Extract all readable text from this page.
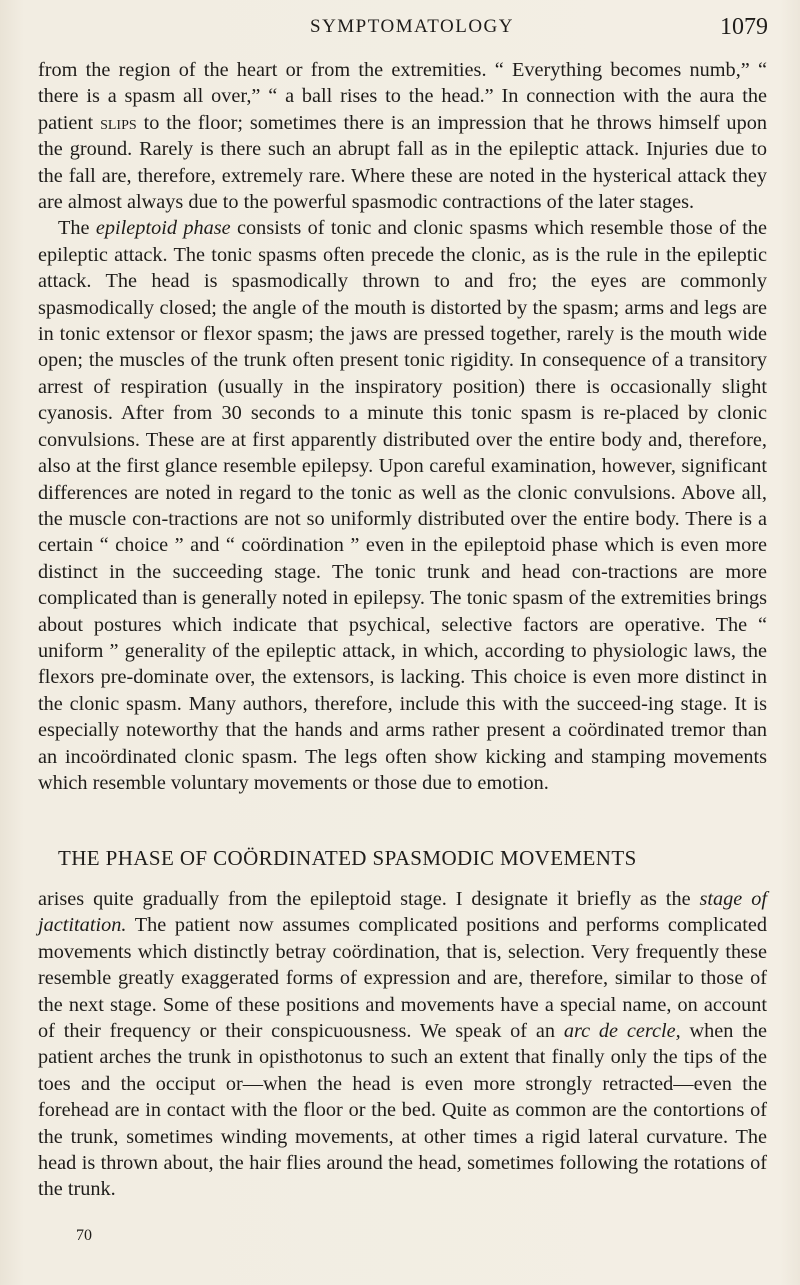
SYMPTOMATOLOGY	1079

from the region of the heart or from the extremities. “ Everything becomes numb,” “ there is a spasm all over,” “ a ball rises to the head.” In connection with the aura the patient slips to the floor; sometimes there is an impression that he throws himself upon the ground. Rarely is there such an abrupt fall as in the epileptic attack. Injuries due to the fall are, therefore, extremely rare. Where these are noted in the hysterical attack they are almost always due to the powerful spasmodic contractions of the later stages.

The epileptoid phase consists of tonic and clonic spasms which resemble those of the epileptic attack. The tonic spasms often precede the clonic, as is the rule in the epileptic attack. The head is spasmodically thrown to and fro; the eyes are commonly spasmodically closed; the angle of the mouth is distorted by the spasm; arms and legs are in tonic extensor or flexor spasm; the jaws are pressed together, rarely is the mouth wide open; the muscles of the trunk often present tonic rigidity. In consequence of a transitory arrest of respiration (usually in the inspiratory position) there is occasionally slight cyanosis. After from 30 seconds to a minute this tonic spasm is re-placed by clonic convulsions. These are at first apparently distributed over the entire body and, therefore, also at the first glance resemble epilepsy. Upon careful examination, however, significant differences are noted in regard to the tonic as well as the clonic convulsions. Above all, the muscle con-tractions are not so uniformly distributed over the entire body. There is a certain “ choice ” and “ coördination ” even in the epileptoid phase which is even more distinct in the succeeding stage. The tonic trunk and head con-tractions are more complicated than is generally noted in epilepsy. The tonic spasm of the extremities brings about postures which indicate that psychical, selective factors are operative. The “ uniform ” generality of the epileptic attack, in which, according to physiologic laws, the flexors pre-dominate over, the extensors, is lacking. This choice is even more distinct in the clonic spasm. Many authors, therefore, include this with the succeed-ing stage. It is especially noteworthy that the hands and arms rather present a coördinated tremor than an incoördinated clonic spasm. The legs often show kicking and stamping movements which resemble voluntary movements or those due to emotion.

THE PHASE OF COÖRDINATED SPASMODIC MOVEMENTS

arises quite gradually from the epileptoid stage. I designate it briefly as the stage of jactitation. The patient now assumes complicated positions and performs complicated movements which distinctly betray coördination, that is, selection. Very frequently these resemble greatly exaggerated forms of expression and are, therefore, similar to those of the next stage. Some of these positions and movements have a special name, on account of their frequency or their conspicuousness. We speak of an arc de cercle, when the patient arches the trunk in opisthotonus to such an extent that finally only the tips of the toes and the occiput or—when the head is even more strongly retracted—even the forehead are in contact with the floor or the bed. Quite as common are the contortions of the trunk, sometimes winding movements, at other times a rigid lateral curvature. The head is thrown about, the hair flies around the head, sometimes following the rotations of the trunk.

70
